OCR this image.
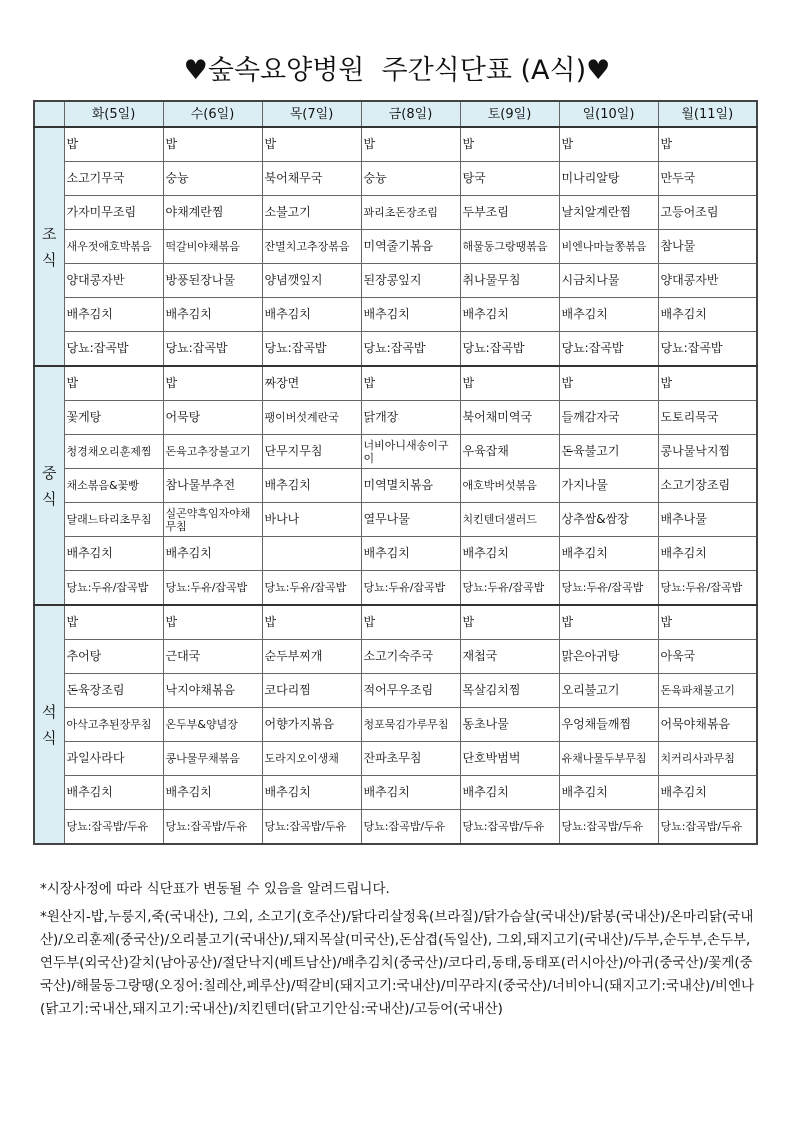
♥숲속요양병원  주간식단표 (A식)♥
	화(5일)	수(6일)	목(7일)	금(8일)	토(9일)	일(10일)	월(11일)
조
식	밥	밥	밥	밥	밥	밥	밥
	소고기무국	숭늉	북어채무국	숭늉	탕국	미나리알탕	만두국
	가자미무조림	야채계란찜	소불고기	꽈리초돈장조림	두부조림	날치알계란찜	고등어조림
	새우젓애호박볶음	떡갈비야채볶음	잔멸치고추장볶음	미역줄기볶음	해물동그랑땡볶음	비엔나마늘쫑볶음	참나물
	양대콩자반	방풍된장나물	양념깻잎지	된장콩잎지	취나물무침	시금치나물	양대콩자반
	배추김치	배추김치	배추김치	배추김치	배추김치	배추김치	배추김치
	당뇨:잡곡밥	당뇨:잡곡밥	당뇨:잡곡밥	당뇨:잡곡밥	당뇨:잡곡밥	당뇨:잡곡밥	당뇨:잡곡밥
중
식	밥	밥	짜장면	밥	밥	밥	밥
	꽃게탕	어묵탕	팽이버섯계란국	닭개장	북어채미역국	들깨감자국	도토리묵국
	청경채오리훈제찜	돈육고추장불고기	단무지무침	너비아니새송이구이	우육잡채	돈육불고기	콩나물낙지찜
	채소볶음&꽃빵	참나물부추전	배추김치	미역멸치볶음	애호박버섯볶음	가지나물	소고기장조림
	달래느타리초무침	실곤약흑임자야채무침	바나나	열무나물	치킨텐더샐러드	상추쌈&쌈장	배추나물
	배추김치	배추김치		배추김치	배추김치	배추김치	배추김치
	당뇨:두유/잡곡밥	당뇨:두유/잡곡밥	당뇨:두유/잡곡밥	당뇨:두유/잡곡밥	당뇨:두유/잡곡밥	당뇨:두유/잡곡밥	당뇨:두유/잡곡밥
석
식	밥	밥	밥	밥	밥	밥	밥
	추어탕	근대국	순두부찌개	소고기숙주국	재첩국	맑은아귀탕	아욱국
	돈육장조림	낙지야채볶음	코다리찜	적어무우조림	목살김치찜	오리불고기	돈육파채불고기
	아삭고추된장무침	온두부&양념장	어향가지볶음	청포묵김가루무침	동초나물	우엉채들깨찜	어묵야채볶음
	과일사라다	콩나물무채볶음	도라지오이생채	잔파초무침	단호박범벅	유채나물두부무침	치커리사과무침
	배추김치	배추김치	배추김치	배추김치	배추김치	배추김치	배추김치
	당뇨:잡곡밥/두유	당뇨:잡곡밥/두유	당뇨:잡곡밥/두유	당뇨:잡곡밥/두유	당뇨:잡곡밥/두유	당뇨:잡곡밥/두유	당뇨:잡곡밥/두유

*시장사정에 따라 식단표가 변동될 수 있음을 알려드립니다.

*원산지-밥,누룽지,죽(국내산), 그외, 소고기(호주산)/닭다리살정육(브라질)/닭가슴살(국내산)/닭봉(국내산)/온마리닭(국내산)/오리훈제(중국산)/오리불고기(국내산)/,돼지목살(미국산),돈삼겹(독일산), 그외,돼지고기(국내산)/두부,순두부,손두부,연두부(외국산)갈치(남아공산)/절단낙지(베트남산)/배추김치(중국산)/코다리,동태,동태포(러시아산)/아귀(중국산)/꽃게(중국산)/해물동그랑땡(오징어:칠레산,페루산)/떡갈비(돼지고기:국내산)/미꾸라지(중국산)/너비아니(돼지고기:국내산)/비엔나(닭고기:국내산,돼지고기:국내산)/치킨텐더(닭고기안심:국내산)/고등어(국내산)
